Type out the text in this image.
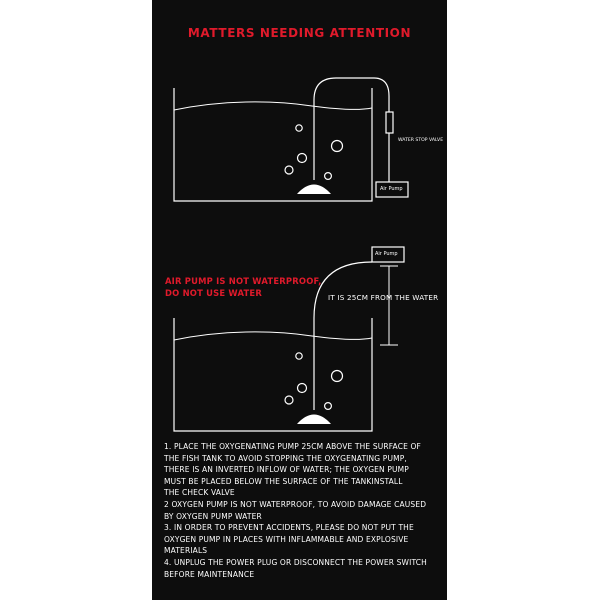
MATTERS NEEDING ATTENTION
WATER STOP VALVE
Air Pump
Air Pump
IT IS 25CM FROM THE WATER
AIR PUMP IS NOT WATERPROOF,
DO NOT USE WATER
1. PLACE THE OXYGENATING PUMP 25CM ABOVE THE SURFACE OF
THE FISH TANK TO AVOID STOPPING THE OXYGENATING PUMP,
THERE IS AN INVERTED INFLOW OF WATER; THE OXYGEN PUMP
MUST BE PLACED BELOW THE SURFACE OF THE TANKINSTALL
THE CHECK VALVE
2 OXYGEN PUMP IS NOT WATERPROOF, TO AVOID DAMAGE CAUSED
BY OXYGEN PUMP WATER
3. IN ORDER TO PREVENT ACCIDENTS, PLEASE DO NOT PUT THE
OXYGEN PUMP IN PLACES WITH INFLAMMABLE AND EXPLOSIVE
MATERIALS
4. UNPLUG THE POWER PLUG OR DISCONNECT THE POWER SWITCH
BEFORE MAINTENANCE
